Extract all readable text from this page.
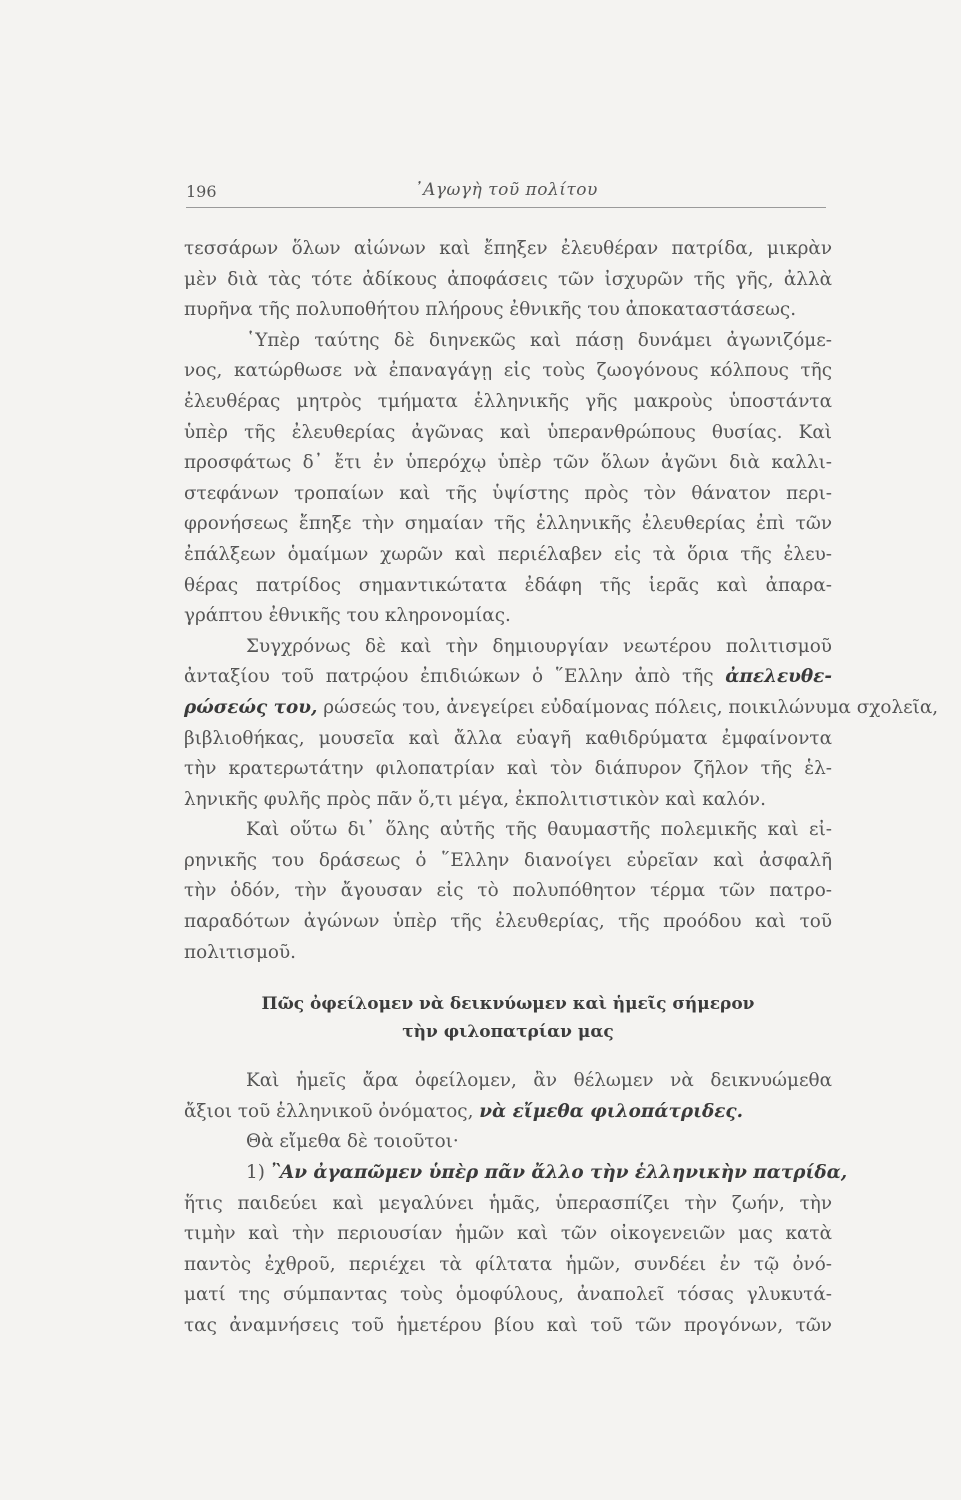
196	᾿Αγωγὴ τοῦ πολίτου
τεσσάρων ὅλων αἰώνων καὶ ἔπηξεν ἐλευθέραν πατρίδα, μικρὰν
μὲν διὰ τὰς τότε ἀδίκους ἀποφάσεις τῶν ἰσχυρῶν τῆς γῆς, ἀλλὰ
πυρῆνα τῆς πολυποθήτου πλήρους ἐθνικῆς του ἀποκαταστάσεως.
῾Υπὲρ ταύτης δὲ διηνεκῶς καὶ πάσῃ δυνάμει ἀγωνιζόμε-
νος, κατώρθωσε νὰ ἐπαναγάγῃ εἰς τοὺς ζωογόνους κόλπους τῆς
ἐλευθέρας μητρὸς τμήματα ἑλληνικῆς γῆς μακροὺς ὑποστάντα
ὑπὲρ τῆς ἐλευθερίας ἀγῶνας καὶ ὑπερανθρώπους θυσίας. Καὶ
προσφάτως δ᾿ ἔτι ἐν ὑπερόχῳ ὑπὲρ τῶν ὅλων ἀγῶνι διὰ καλλι-
στεφάνων τροπαίων καὶ τῆς ὑψίστης πρὸς τὸν θάνατον περι-
φρονήσεως ἔπηξε τὴν σημαίαν τῆς ἑλληνικῆς ἐλευθερίας ἐπὶ τῶν
ἐπάλξεων ὁμαίμων χωρῶν καὶ περιέλαβεν εἰς τὰ ὅρια τῆς ἐλευ-
θέρας πατρίδος σημαντικώτατα ἐδάφη τῆς ἱερᾶς καὶ ἀπαρα-
γράπτου ἐθνικῆς του κληρονομίας.
Συγχρόνως δὲ καὶ τὴν δημιουργίαν νεωτέρου πολιτισμοῦ
ἀνταξίου τοῦ πατρῴου ἐπιδιώκων ὁ ῞Ελλην ἀπὸ τῆς ἀπελευθε-
ρώσεώς του, ρώσεώς του, ἀνεγείρει εὐδαίμονας πόλεις, ποικιλώνυμα σχολεῖα,
βιβλιοθήκας, μουσεῖα καὶ ἄλλα εὐαγῆ καθιδρύματα ἐμφαίνοντα
τὴν κρατερωτάτην φιλοπατρίαν καὶ τὸν διάπυρον ζῆλον τῆς ἑλ-
ληνικῆς φυλῆς πρὸς πᾶν ὅ,τι μέγα, ἐκπολιτιστικὸν καὶ καλόν.
Καὶ οὕτω δι᾿ ὅλης αὐτῆς τῆς θαυμαστῆς πολεμικῆς καὶ εἰ-
ρηνικῆς του δράσεως ὁ ῞Ελλην διανοίγει εὐρεῖαν καὶ ἀσφαλῆ
τὴν ὁδόν, τὴν ἄγουσαν εἰς τὸ πολυπόθητον τέρμα τῶν πατρο-
παραδότων ἀγώνων ὑπὲρ τῆς ἐλευθερίας, τῆς προόδου καὶ τοῦ
πολιτισμοῦ.
Πῶς ὀφείλομεν νὰ δεικνύωμεν καὶ ἡμεῖς σήμερον
τὴν φιλοπατρίαν μας
Καὶ ἡμεῖς ἄρα ὀφείλομεν, ἂν θέλωμεν νὰ δεικνυώμεθα
ἄξιοι τοῦ ἑλληνικοῦ ὀνόματος, νὰ εἴμεθα φιλοπάτριδες.
Θὰ εἴμεθα δὲ τοιοῦτοι·
1) ῍Αν ἀγαπῶμεν ὑπὲρ πᾶν ἄλλο τὴν ἑλληνικὴν πατρίδα,
ἥτις παιδεύει καὶ μεγαλύνει ἡμᾶς, ὑπερασπίζει τὴν ζωήν, τὴν
τιμὴν καὶ τὴν περιουσίαν ἡμῶν καὶ τῶν οἰκογενειῶν μας κατὰ
παντὸς ἐχθροῦ, περιέχει τὰ φίλτατα ἡμῶν, συνδέει ἐν τῷ ὀνό-
ματί της σύμπαντας τοὺς ὁμοφύλους, ἀναπολεῖ τόσας γλυκυτά-
τας ἀναμνήσεις τοῦ ἡμετέρου βίου καὶ τοῦ τῶν προγόνων, τῶν
